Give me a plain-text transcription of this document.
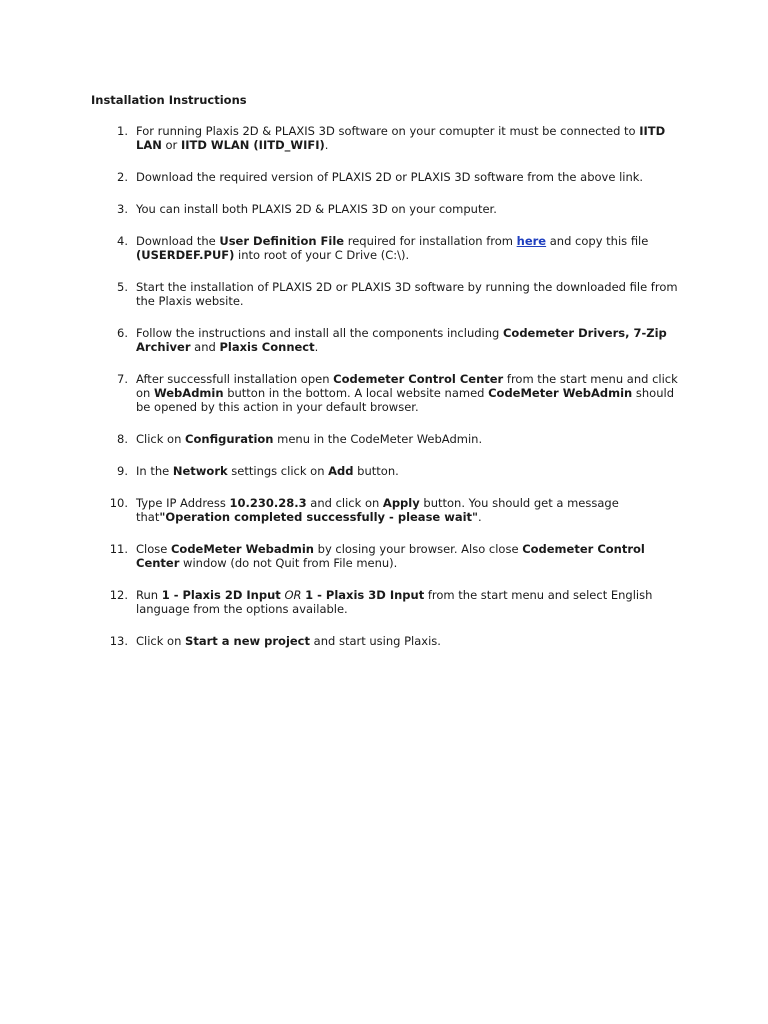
Installation Instructions
1. For running Plaxis 2D & PLAXIS 3D software on your comupter it must be connected to IITD LAN or IITD WLAN (IITD_WIFI).
2. Download the required version of PLAXIS 2D or PLAXIS 3D software from the above link.
3. You can install both PLAXIS 2D & PLAXIS 3D on your computer.
4. Download the User Definition File required for installation from here and copy this file (USERDEF.PUF) into root of your C Drive (C:\).
5. Start the installation of PLAXIS 2D or PLAXIS 3D software by running the downloaded file from the Plaxis website.
6. Follow the instructions and install all the components including Codemeter Drivers, 7-Zip Archiver and Plaxis Connect.
7. After successfull installation open Codemeter Control Center from the start menu and click on WebAdmin button in the bottom. A local website named CodeMeter WebAdmin should be opened by this action in your default browser.
8. Click on Configuration menu in the CodeMeter WebAdmin.
9. In the Network settings click on Add button.
10. Type IP Address 10.230.28.3 and click on Apply button. You should get a message that"Operation completed successfully - please wait".
11. Close CodeMeter Webadmin by closing your browser. Also close Codemeter Control Center window (do not Quit from File menu).
12. Run 1 - Plaxis 2D Input OR 1 - Plaxis 3D Input from the start menu and select English language from the options available.
13. Click on Start a new project and start using Plaxis.
